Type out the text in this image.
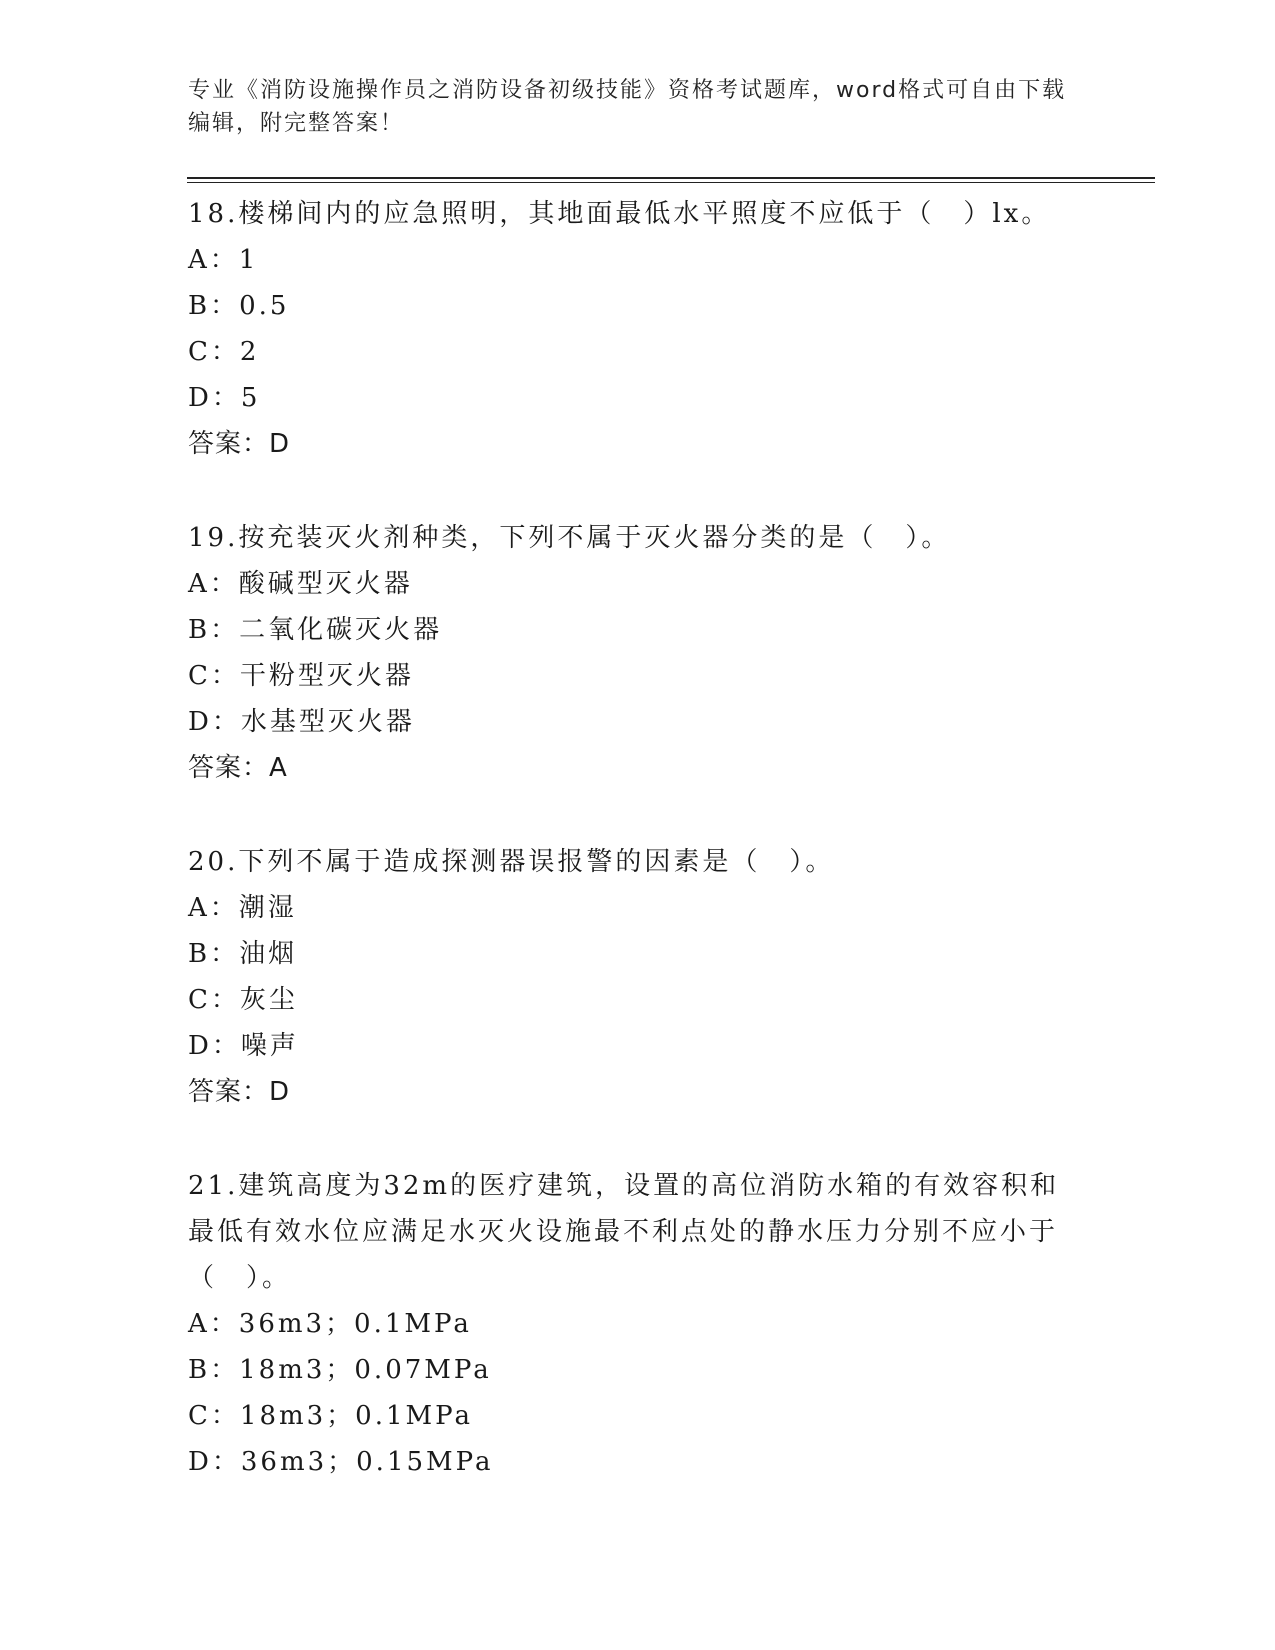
专业《消防设施操作员之消防设备初级技能》资格考试题库，word格式可自由下载编辑，附完整答案！

18.楼梯间内的应急照明，其地面最低水平照度不应低于（　）lx。

A：1

B：0.5

C：2

D：5

答案：D

19.按充装灭火剂种类，下列不属于灭火器分类的是（　）。

A：酸碱型灭火器

B：二氧化碳灭火器

C：干粉型灭火器

D：水基型灭火器

答案：A

20.下列不属于造成探测器误报警的因素是（　）。

A：潮湿

B：油烟

C：灰尘

D：噪声

答案：D

21.建筑高度为32m的医疗建筑，设置的高位消防水箱的有效容积和最低有效水位应满足水灭火设施最不利点处的静水压力分别不应小于（　）。

A：36m3；0.1MPa

B：18m3；0.07MPa

C：18m3；0.1MPa

D：36m3；0.15MPa
